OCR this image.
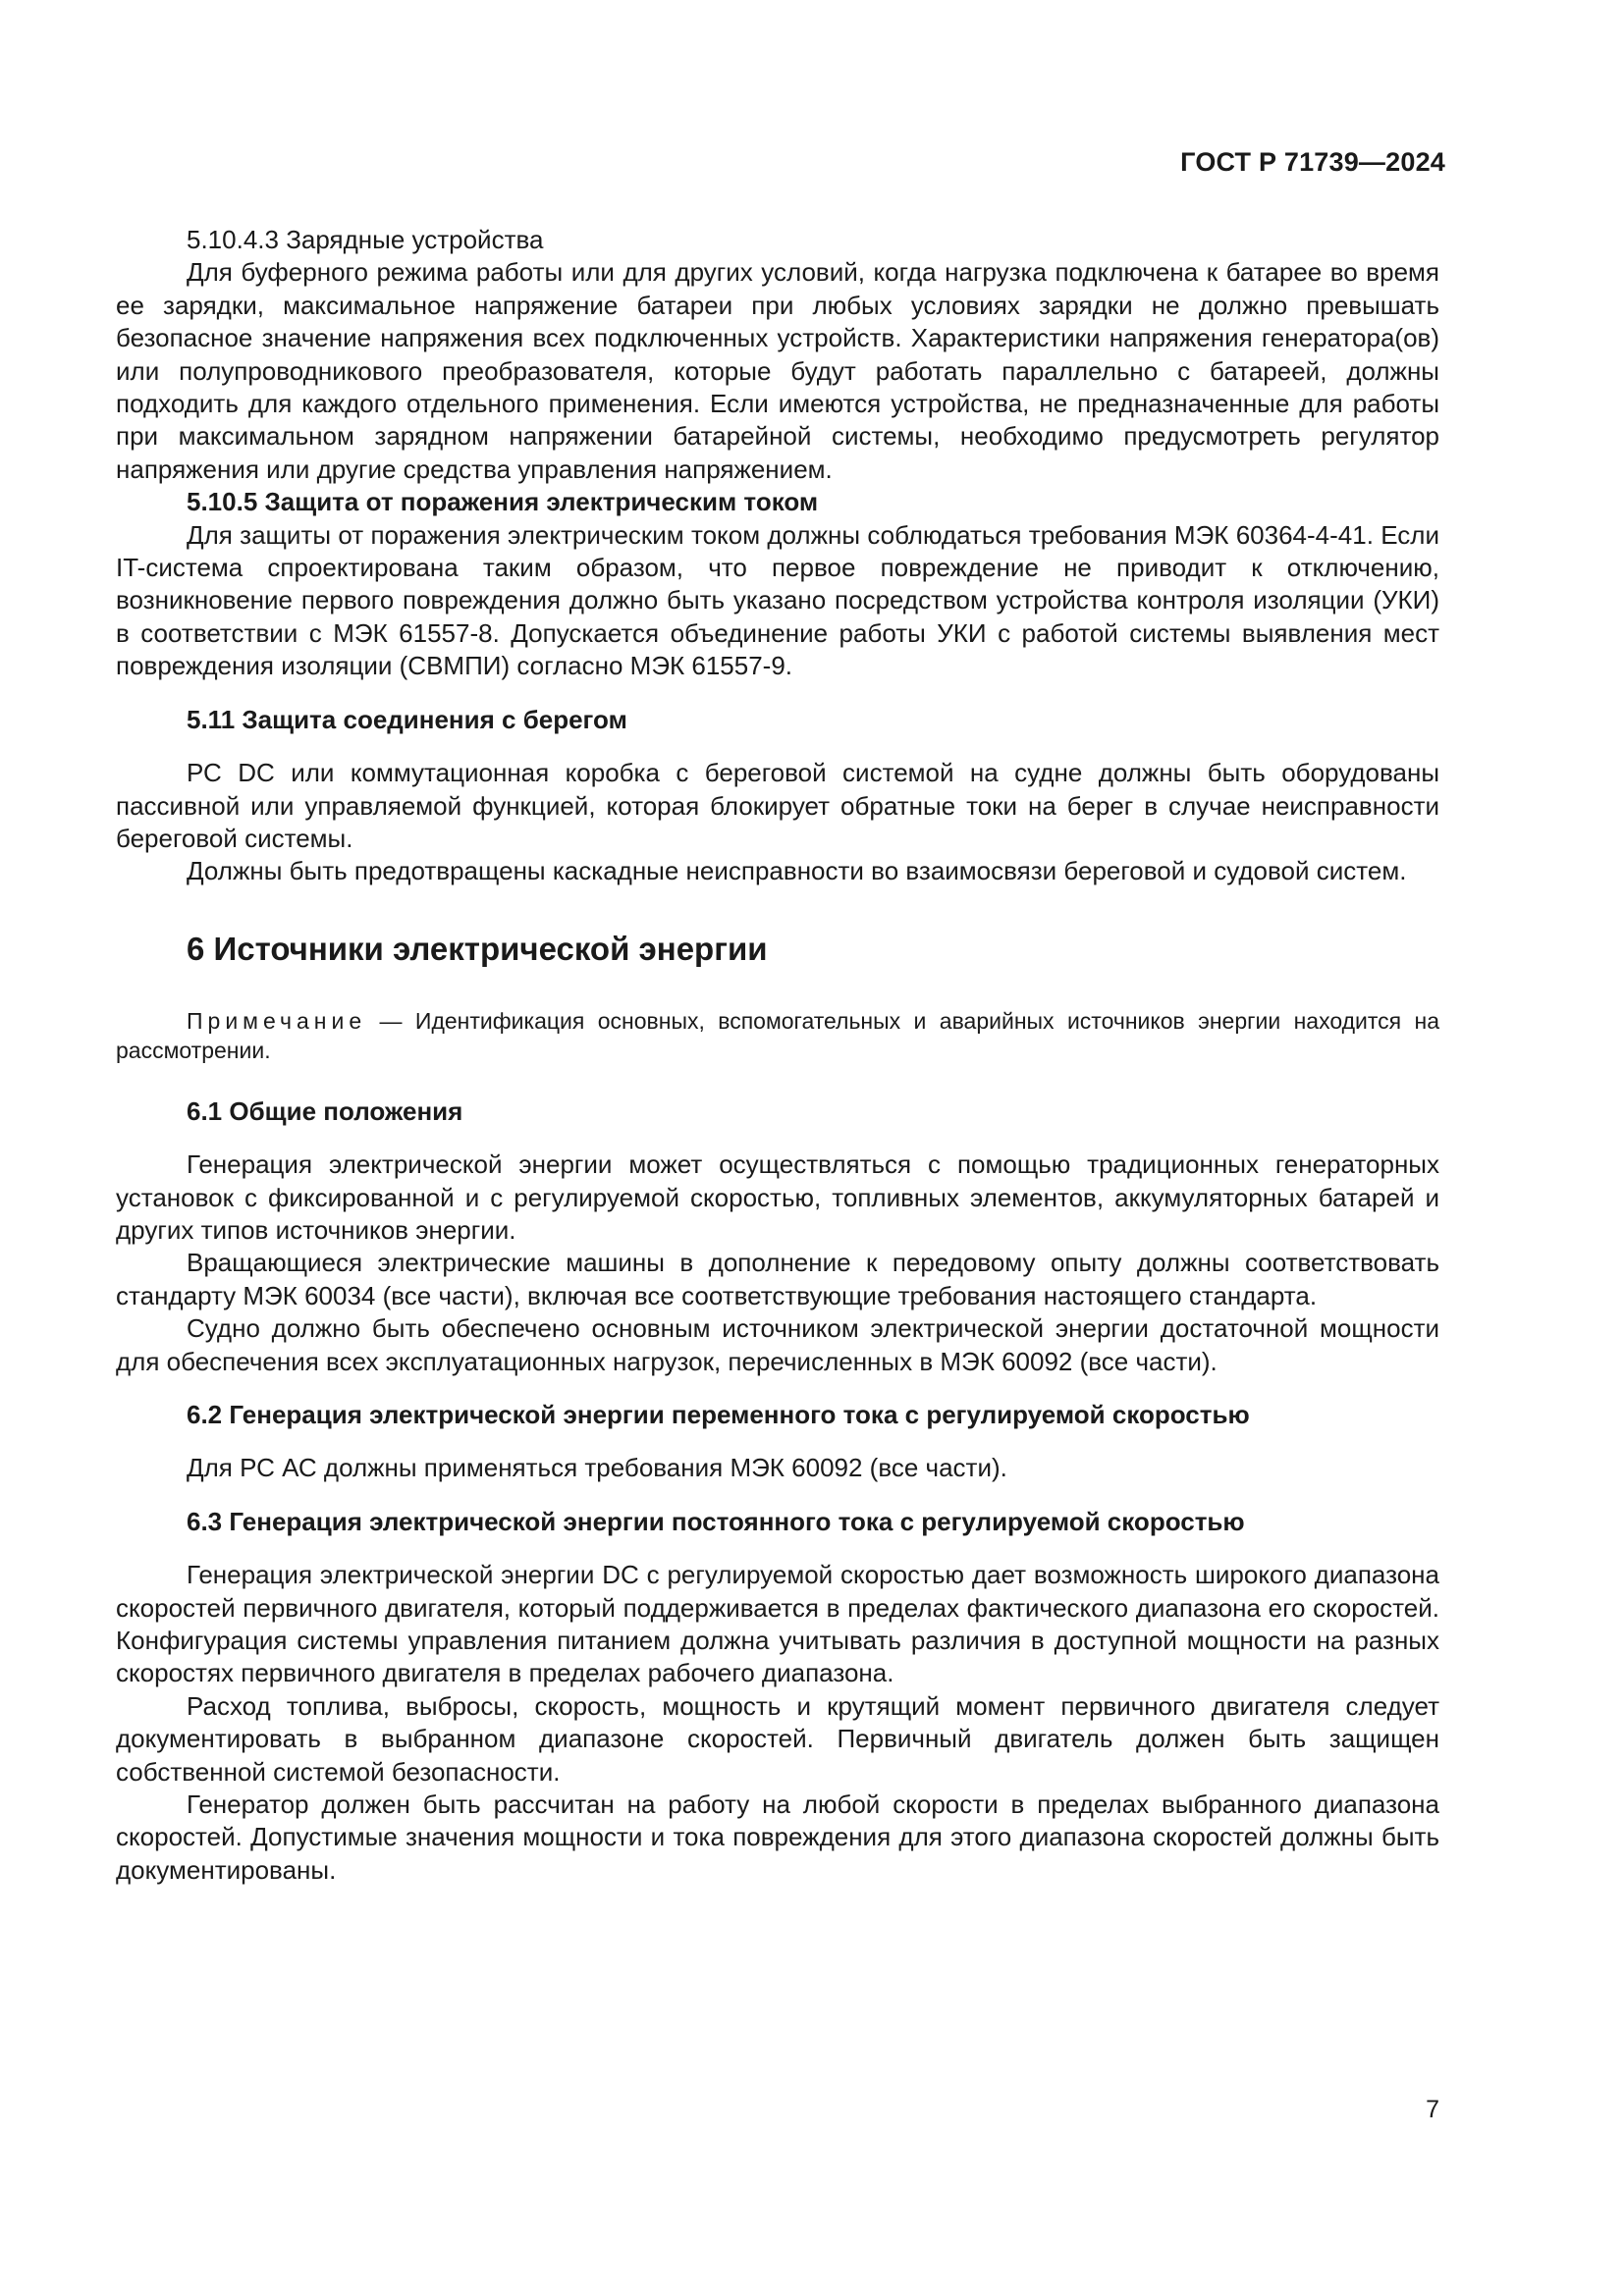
ГОСТ Р 71739—2024
5.10.4.3 Зарядные устройства

Для буферного режима работы или для других условий, когда нагрузка подключена к батарее во время ее зарядки, максимальное напряжение батареи при любых условиях зарядки не должно превышать безопасное значение напряжения всех подключенных устройств. Характеристики напряжения генератора(ов) или полупроводникового преобразователя, которые будут работать параллельно с батареей, должны подходить для каждого отдельного применения. Если имеются устройства, не предназначенные для работы при максимальном зарядном напряжении батарейной системы, необходимо предусмотреть регулятор напряжения или другие средства управления напряжением.

5.10.5 Защита от поражения электрическим током

Для защиты от поражения электрическим током должны соблюдаться требования МЭК 60364-4-41. Если IT-система спроектирована таким образом, что первое повреждение не приводит к отключению, возникновение первого повреждения должно быть указано посредством устройства контроля изоляции (УКИ) в соответствии с МЭК 61557-8. Допускается объединение работы УКИ с работой системы выявления мест повреждения изоляции (СВМПИ) согласно МЭК 61557-9.

5.11 Защита соединения с берегом

РС DC или коммутационная коробка с береговой системой на судне должны быть оборудованы пассивной или управляемой функцией, которая блокирует обратные токи на берег в случае неисправности береговой системы.

Должны быть предотвращены каскадные неисправности во взаимосвязи береговой и судовой систем.

6 Источники электрической энергии
Примечание — Идентификация основных, вспомогательных и аварийных источников энергии находится на рассмотрении.
6.1 Общие положения

Генерация электрической энергии может осуществляться с помощью традиционных генераторных установок с фиксированной и с регулируемой скоростью, топливных элементов, аккумуляторных батарей и других типов источников энергии.

Вращающиеся электрические машины в дополнение к передовому опыту должны соответствовать стандарту МЭК 60034 (все части), включая все соответствующие требования настоящего стандарта.

Судно должно быть обеспечено основным источником электрической энергии достаточной мощности для обеспечения всех эксплуатационных нагрузок, перечисленных в МЭК 60092 (все части).

6.2 Генерация электрической энергии переменного тока с регулируемой скоростью

Для РС АС должны применяться требования МЭК 60092 (все части).

6.3 Генерация электрической энергии постоянного тока с регулируемой скоростью

Генерация электрической энергии DC с регулируемой скоростью дает возможность широкого диапазона скоростей первичного двигателя, который поддерживается в пределах фактического диапазона его скоростей. Конфигурация системы управления питанием должна учитывать различия в доступной мощности на разных скоростях первичного двигателя в пределах рабочего диапазона.

Расход топлива, выбросы, скорость, мощность и крутящий момент первичного двигателя следует документировать в выбранном диапазоне скоростей. Первичный двигатель должен быть защищен собственной системой безопасности.

Генератор должен быть рассчитан на работу на любой скорости в пределах выбранного диапазона скоростей. Допустимые значения мощности и тока повреждения для этого диапазона скоростей должны быть документированы.

7
